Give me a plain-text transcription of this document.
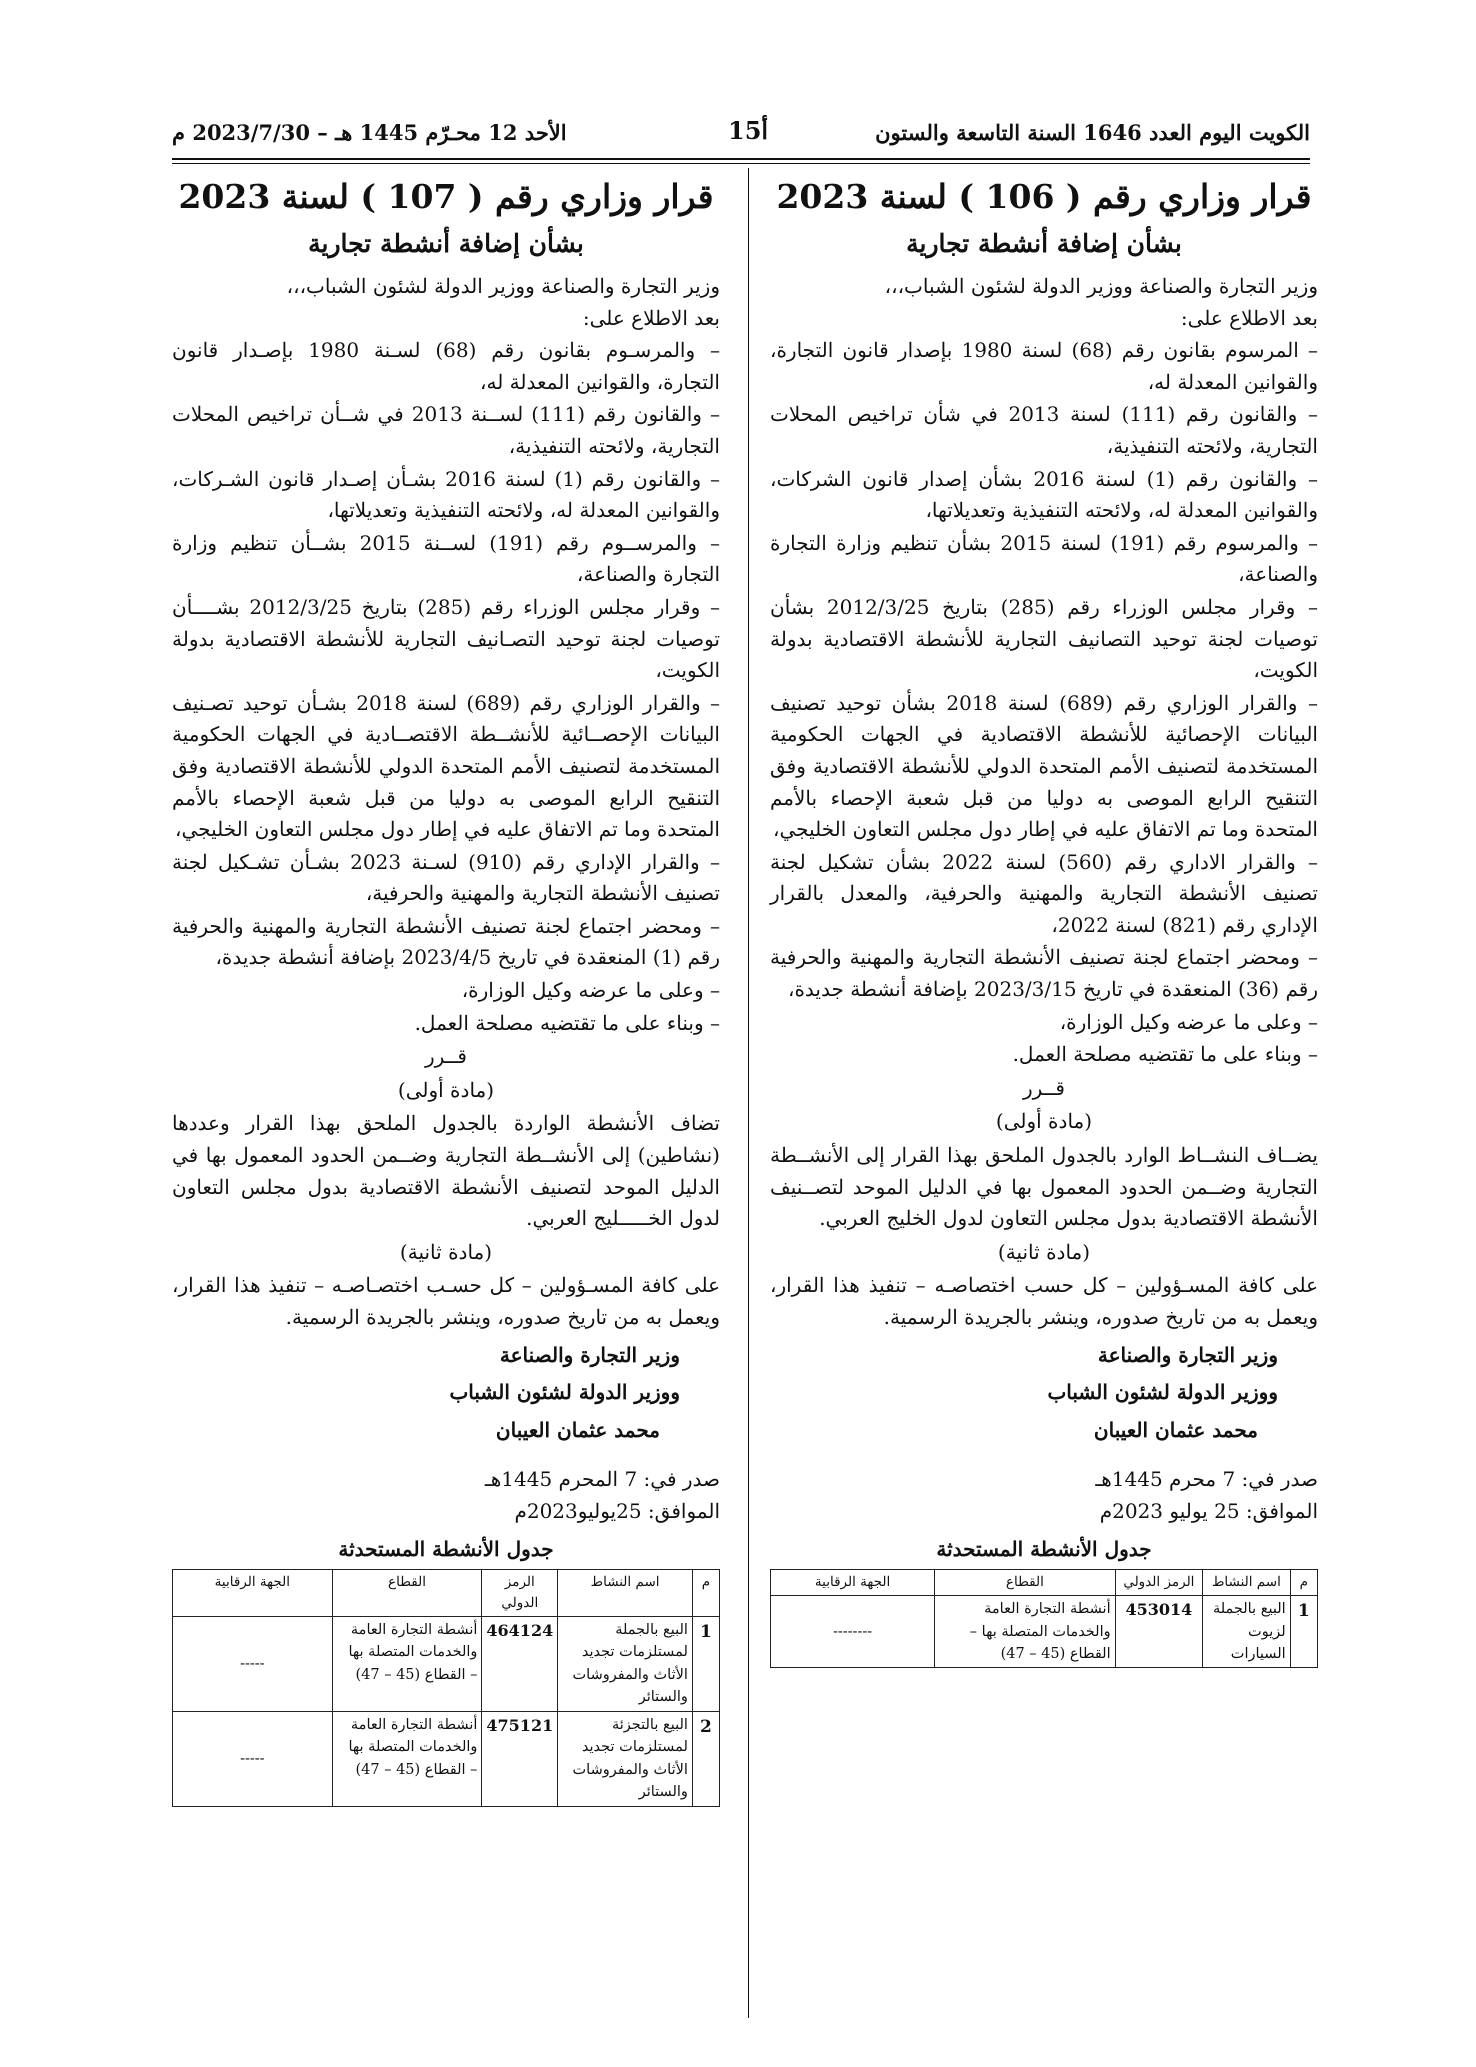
الكويت اليوم العدد 1646 السنة التاسعة والستون
أ15
الأحد 12 محـرّم 1445 هـ – 2023/7/30 م
قرار وزاري رقم ( 106 ) لسنة 2023
بشأن إضافة أنشطة تجارية

وزير التجارة والصناعة ووزير الدولة لشئون الشباب،،،

بعد الاطلاع على:

– المرسوم بقانون رقم (68) لسنة 1980 بإصدار قانون التجارة، والقوانين المعدلة له،

– والقانون رقم (111) لسنة 2013 في شأن تراخيص المحلات التجارية، ولائحته التنفيذية،

– والقانون رقم (1) لسنة 2016 بشأن إصدار قانون الشركات، والقوانين المعدلة له، ولائحته التنفيذية وتعديلاتها،

– والمرسوم رقم (191) لسنة 2015 بشأن تنظيم وزارة التجارة والصناعة،

– وقرار مجلس الوزراء رقم (285) بتاريخ 2012/3/25 بشأن توصيات لجنة توحيد التصانيف التجارية للأنشطة الاقتصادية بدولة الكويت،

– والقرار الوزاري رقم (689) لسنة 2018 بشأن توحيد تصنيف البيانات الإحصائية للأنشطة الاقتصادية في الجهات الحكومية المستخدمة لتصنيف الأمم المتحدة الدولي للأنشطة الاقتصادية وفق التنقيح الرابع الموصى به دوليا من قبل شعبة الإحصاء بالأمم المتحدة وما تم الاتفاق عليه في إطار دول مجلس التعاون الخليجي،

– والقرار الاداري رقم (560) لسنة 2022 بشأن تشكيل لجنة تصنيف الأنشطة التجارية والمهنية والحرفية، والمعدل بالقرار الإداري رقم (821) لسنة 2022،

– ومحضر اجتماع لجنة تصنيف الأنشطة التجارية والمهنية والحرفية رقم (36) المنعقدة في تاريخ 2023/3/15 بإضافة أنشطة جديدة،

– وعلى ما عرضه وكيل الوزارة،

– وبناء على ما تقتضيه مصلحة العمل.

قــرر
(مادة أولى)

يضــاف النشــاط الوارد بالجدول الملحق بهذا القرار إلى الأنشــطة التجارية وضــمن الحدود المعمول بها في الدليل الموحد لتصــنيف الأنشطة الاقتصادية بدول مجلس التعاون لدول الخليج العربي.

(مادة ثانية)

على كافة المسـؤولين – كل حسب اختصاصـه – تنفيذ هذا القرار، ويعمل به من تاريخ صدوره، وينشر بالجريدة الرسمية.

وزير التجارة والصناعة
ووزير الدولة لشئون الشباب
محمد عثمان العيبان
صدر في: 7 محرم 1445هـ
الموافق: 25 يوليو 2023م
جدول الأنشطة المستحدثة
م	اسم النشاط	الرمز الدولي	القطاع	الجهة الرقابية
1	البيع بالجملة لزيوت السيارات	453014	أنشطة التجارة العامة والخدمات المتصلة بها – القطاع (45 – 47)	--------
قرار وزاري رقم ( 107 ) لسنة 2023
بشأن إضافة أنشطة تجارية

وزير التجارة والصناعة ووزير الدولة لشئون الشباب،،،

بعد الاطلاع على:

– والمرسـوم بقانون رقم (68) لسـنة 1980 بإصـدار قانون التجارة، والقوانين المعدلة له،

– والقانون رقم (111) لســنة 2013 في شــأن تراخيص المحلات التجارية، ولائحته التنفيذية،

– والقانون رقم (1) لسنة 2016 بشـأن إصـدار قانون الشـركات، والقوانين المعدلة له، ولائحته التنفيذية وتعديلاتها،

– والمرســوم رقم (191) لســنة 2015 بشــأن تنظيم وزارة التجارة والصناعة،

– وقرار مجلس الوزراء رقم (285) بتاريخ 2012/3/25 بشــــأن توصيات لجنة توحيد التصـانيف التجارية للأنشطة الاقتصادية بدولة الكويت،

– والقرار الوزاري رقم (689) لسنة 2018 بشـأن توحيد تصـنيف البيانات الإحصــائية للأنشــطة الاقتصــادية في الجهات الحكومية المستخدمة لتصنيف الأمم المتحدة الدولي للأنشطة الاقتصادية وفق التنقيح الرابع الموصى به دوليا من قبل شعبة الإحصاء بالأمم المتحدة وما تم الاتفاق عليه في إطار دول مجلس التعاون الخليجي،

– والقرار الإداري رقم (910) لسـنة 2023 بشـأن تشـكيل لجنة تصنيف الأنشطة التجارية والمهنية والحرفية،

– ومحضر اجتماع لجنة تصنيف الأنشطة التجارية والمهنية والحرفية رقم (1) المنعقدة في تاريخ 2023/4/5 بإضافة أنشطة جديدة،

– وعلى ما عرضه وكيل الوزارة،

– وبناء على ما تقتضيه مصلحة العمل.

قــرر
(مادة أولى)

تضاف الأنشطة الواردة بالجدول الملحق بهذا القرار وعددها (نشاطين) إلى الأنشــطة التجارية وضــمن الحدود المعمول بها في الدليل الموحد لتصنيف الأنشطة الاقتصادية بدول مجلس التعاون لدول الخـــــليج العربي.

(مادة ثانية)

على كافة المسـؤولين – كل حسـب اختصـاصـه – تنفيذ هذا القرار، ويعمل به من تاريخ صدوره، وينشر بالجريدة الرسمية.

وزير التجارة والصناعة
ووزير الدولة لشئون الشباب
محمد عثمان العيبان
صدر في: 7 المحرم 1445هـ
الموافق: 25يوليو2023م
جدول الأنشطة المستحدثة
م	اسم النشاط	الرمز الدولي	القطاع	الجهة الرقابية
1	البيع بالجملة لمستلزمات تجديد الأثاث والمفروشات والستائر	464124	أنشطة التجارة العامة والخدمات المتصلة بها – القطاع (45 – 47)	-----
2	البيع بالتجزئة لمستلزمات تجديد الأثاث والمفروشات والستائر	475121	أنشطة التجارة العامة والخدمات المتصلة بها – القطاع (45 – 47)	-----
